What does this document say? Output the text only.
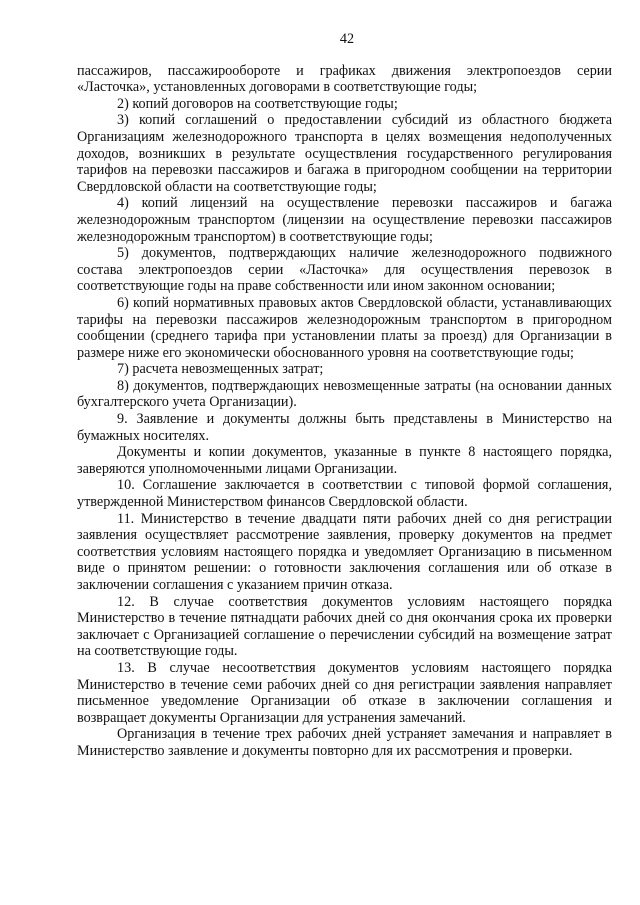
42

пассажиров, пассажирообороте и графиках движения электропоездов серии «Ласточка», установленных договорами в соответствующие годы;

2) копий договоров на соответствующие годы;

3) копий соглашений о предоставлении субсидий из областного бюджета Организациям железнодорожного транспорта в целях возмещения недополученных доходов, возникших в результате осуществления государственного регулирования тарифов на перевозки пассажиров и багажа в пригородном сообщении на территории Свердловской области на соответствующие годы;

4) копий лицензий на осуществление перевозки пассажиров и багажа железнодорожным транспортом (лицензии на осуществление перевозки пассажиров железнодорожным транспортом) в соответствующие годы;

5) документов, подтверждающих наличие железнодорожного подвижного состава электропоездов серии «Ласточка» для осуществления перевозок в соответствующие годы на праве собственности или ином законном основании;

6) копий нормативных правовых актов Свердловской области, устанавливающих тарифы на перевозки пассажиров железнодорожным транспортом в пригородном сообщении (среднего тарифа при установлении платы за проезд) для Организации в размере ниже его экономически обоснованного уровня на соответствующие годы;

7) расчета невозмещенных затрат;

8) документов, подтверждающих невозмещенные затраты (на основании данных бухгалтерского учета Организации).

9. Заявление и документы должны быть представлены в Министерство на бумажных носителях.

Документы и копии документов, указанные в пункте 8 настоящего порядка, заверяются уполномоченными лицами Организации.

10. Соглашение заключается в соответствии с типовой формой соглашения, утвержденной Министерством финансов Свердловской области.

11. Министерство в течение двадцати пяти рабочих дней со дня регистрации заявления осуществляет рассмотрение заявления, проверку документов на предмет соответствия условиям настоящего порядка и уведомляет Организацию в письменном виде о принятом решении: о готовности заключения соглашения или об отказе в заключении соглашения с указанием причин отказа.

12. В случае соответствия документов условиям настоящего порядка Министерство в течение пятнадцати рабочих дней со дня окончания срока их проверки заключает с Организацией соглашение о перечислении субсидий на возмещение затрат на соответствующие годы.

13. В случае несоответствия документов условиям настоящего порядка Министерство в течение семи рабочих дней со дня регистрации заявления направляет письменное уведомление Организации об отказе в заключении соглашения и возвращает документы Организации для устранения замечаний.

Организация в течение трех рабочих дней устраняет замечания и направляет в Министерство заявление и документы повторно для их рассмотрения и проверки.
